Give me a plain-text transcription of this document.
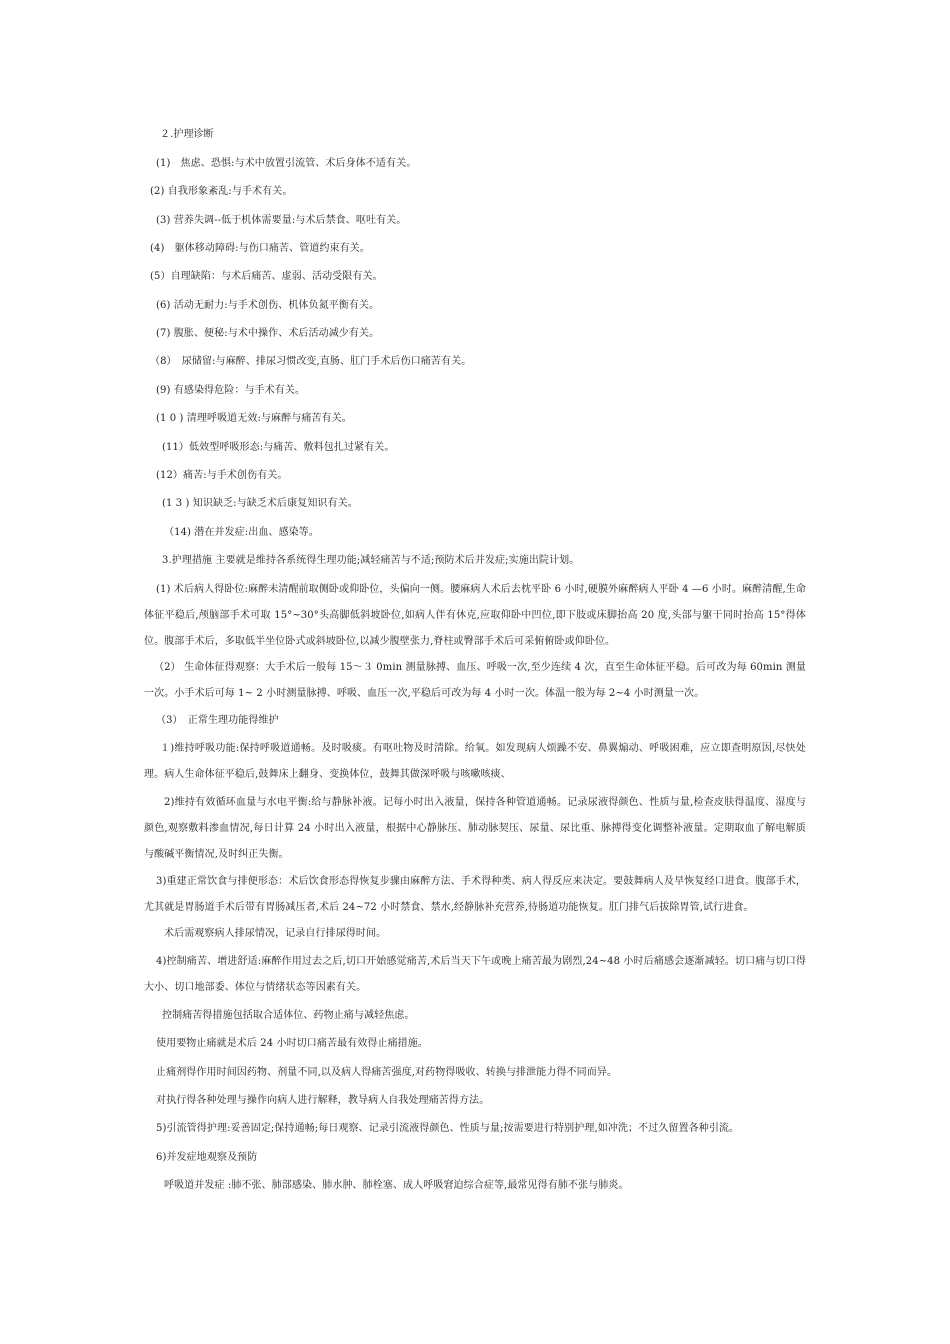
２.护理诊断
(1)　焦虑、恐惧:与术中放置引流管、术后身体不适有关。
(2) 自我形象紊乱:与手术有关。
(3) 营养失调--低于机体需要量:与术后禁食、呕吐有关。
(4)　躯体移动障碍:与伤口痛苦、管道约束有关。
(5）自理缺陷：与术后痛苦、虚弱、活动受限有关。
(6) 活动无耐力:与手术创伤、机体负氮平衡有关。
(7) 腹胀、便秘:与术中操作、术后活动减少有关。
（8）　尿储留:与麻醉、排尿习惯改变,直肠、肛门手术后伤口痛苦有关。
(9) 有感染得危险：与手术有关。
(1 0 ) 清理呼吸道无效:与麻醉与痛苦有关。
(11）低效型呼吸形态:与痛苦、敷料包扎过紧有关。
(12）痛苦:与手术创伤有关。
(1 3 ) 知识缺乏:与缺乏术后康复知识有关。
（14) 潜在并发症:出血、感染等。
3.护理措施 主要就是维持各系统得生理功能;减轻痛苦与不适;预防术后并发症;实施出院计划。
(1) 术后病人得卧位:麻醉未清醒前取侧卧或仰卧位，头偏向一侧。腰麻病人术后去枕平卧 6 小时,硬膜外麻醉病人平卧 4 —6 小时。麻醉清醒,生命体征平稳后,颅脑部手术可取 15°~30°头高脚低斜坡卧位,如病人伴有休克,应取仰卧中凹位,即下肢或床脚抬高 20 度,头部与躯干同时抬高 15°得体位。腹部手术后，多取低半坐位卧式或斜坡卧位,以减少腹壁张力,脊柱或臀部手术后可采俯俯卧或仰卧位。
（2） 生命体征得观察：大手术后一般每 15～３ 0min 测量脉搏、血压、呼吸一次,至少连续 4 次，直至生命体征平稳。后可改为每 60min 测量一次。小手术后可每 1~ 2 小时测量脉搏、呼吸、血压一次,平稳后可改为每 4 小时一次。体温一般为每 2~4 小时测量一次。
（3）　正常生理功能得维护
１)维持呼吸功能:保持呼吸道通畅。及时吸痰。有呕吐物及时清除。给氧。如发现病人烦躁不安、鼻翼煽动、呼吸困难，应立即查明原因,尽快处理。病人生命体征平稳后,鼓舞床上翻身、变换体位，鼓舞其做深呼吸与咳嗽咳痰、
2)维持有效循环血量与水电平衡:给与静脉补液。记每小时出入液量，保持各种管道通畅。记录尿液得颜色、性质与量,检查皮肤得温度、湿度与颜色,观察敷料渗血情况,每日计算 24 小时出入液量，根据中心静脉压、肺动脉契压、尿量、尿比重、脉搏得变化调整补液量。定期取血了解电解质与酸碱平衡情况,及时纠正失衡。
3)重建正常饮食与排便形态：术后饮食形态得恢复步骤由麻醉方法、手术得种类、病人得反应来决定。要鼓舞病人及早恢复经口进食。腹部手术，尤其就是胃肠道手术后带有胃肠减压者,术后 24~72 小时禁食、禁水,经静脉补充营养,待肠道功能恢复。肛门排气后拔除胃管,试行进食。
术后需观察病人排尿情况，记录自行排尿得时间。
4)控制痛苦、增进舒适:麻醉作用过去之后,切口开始感觉痛苦,术后当天下午或晚上痛苦最为剧烈,24~48 小时后痛感会逐渐减轻。切口痛与切口得大小、切口地部委、体位与情绪状态等因素有关。
控制痛苦得措施包括取合适体位、药物止痛与减轻焦虑。
使用要物止痛就是术后 24 小时切口痛苦最有效得止痛措施。
止痛剂得作用时间因药物、剂量不同,以及病人得痛苦强度,对药物得吸收、转换与排泄能力得不同而异。
对执行得各种处理与操作向病人进行解释，教导病人自我处理痛苦得方法。
5)引流管得护理:妥善固定;保持通畅;每日观察、记录引流液得颜色、性质与量;按需要进行特别护理,如冲洗；不过久留置各种引流。
6)并发症地观察及预防
呼吸道并发症 :肺不张、肺部感染、肺水肿、肺栓塞、成人呼吸窘迫综合症等,最常见得有肺不张与肺炎。
